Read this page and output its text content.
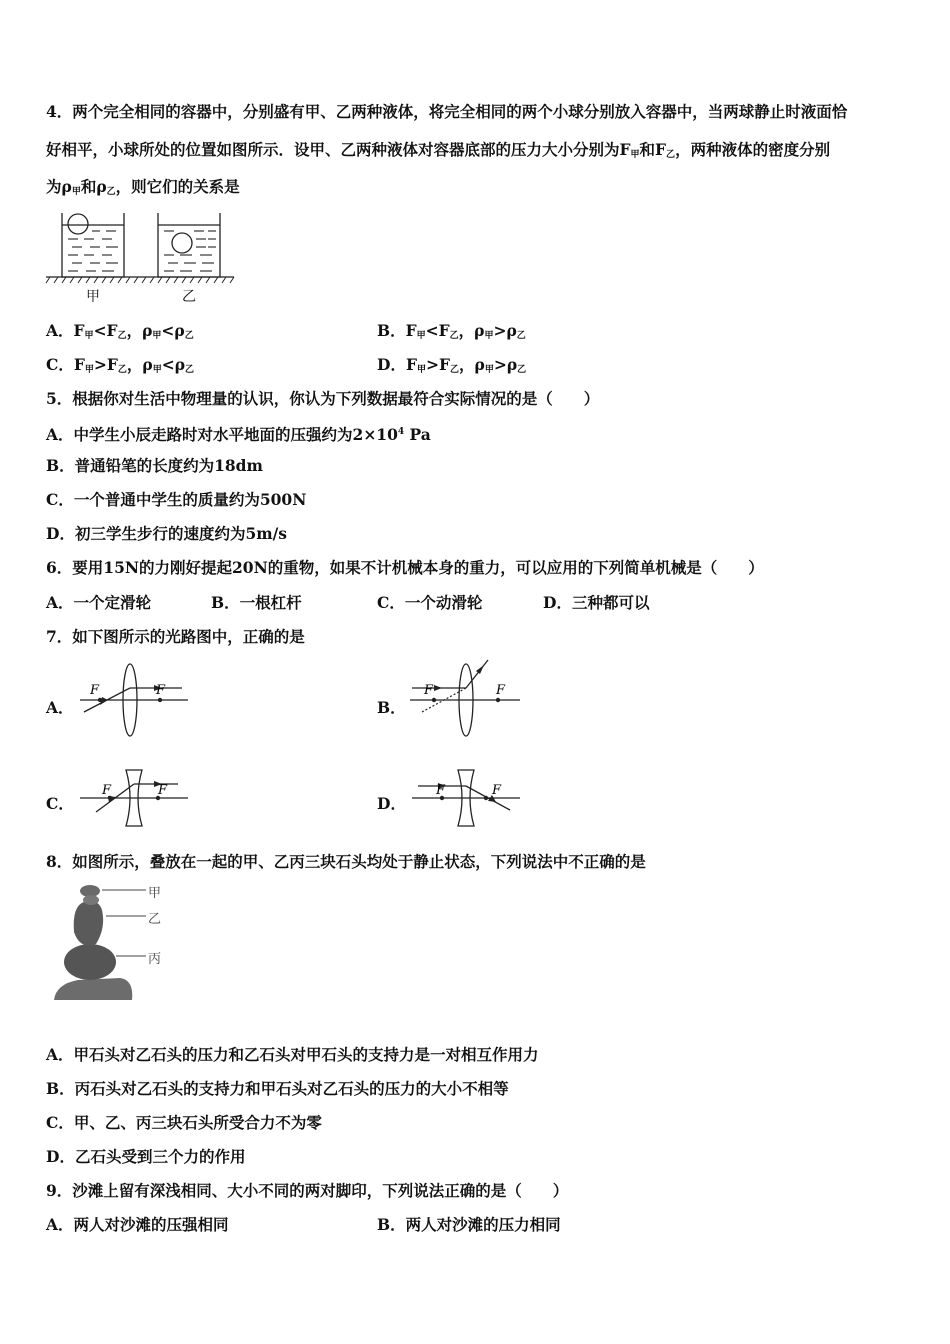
4．两个完全相同的容器中，分别盛有甲、乙两种液体，将完全相同的两个小球分别放入容器中，当两球静止时液面恰
好相平，小球所处的位置如图所示．设甲、乙两种液体对容器底部的压力大小分别为$F_甲$和$F_乙$，两种液体的密度分别
为$\rho_甲$和$\rho_乙$，则它们的关系是
甲	乙
A．$F_甲<F_乙$，$\rho_甲<\rho_乙$	B．$F_甲<F_乙$，$\rho_甲>\rho_乙$
C．$F_甲>F_乙$，$\rho_甲<\rho_乙$	D．$F_甲>F_乙$，$\rho_甲>\rho_乙$
5．根据你对生活中物理量的认识，你认为下列数据最符合实际情况的是（　　）
A．中学生小辰走路时对水平地面的压强约为$2\times 10^4$ Pa
B．普通铅笔的长度约为18dm
C．一个普通中学生的质量约为500N
D．初三学生步行的速度约为5m/s
6．要用15N的力刚好提起20N的重物，如果不计机械本身的重力，可以应用的下列简单机械是（　　）
A．一个定滑轮	B．一根杠杆	C．一个动滑轮	D．三种都可以
7．如下图所示的光路图中，正确的是
A．
F	F
B．
F	F
C．
F	F
D．
F	F
8．如图所示，叠放在一起的甲、乙丙三块石头均处于静止状态，下列说法中不正确的是
甲
乙
丙
A．甲石头对乙石头的压力和乙石头对甲石头的支持力是一对相互作用力
B．丙石头对乙石头的支持力和甲石头对乙石头的压力的大小不相等
C．甲、乙、丙三块石头所受合力不为零
D．乙石头受到三个力的作用
9．沙滩上留有深浅相同、大小不同的两对脚印，下列说法正确的是（　　）
A．两人对沙滩的压强相同	B．两人对沙滩的压力相同
